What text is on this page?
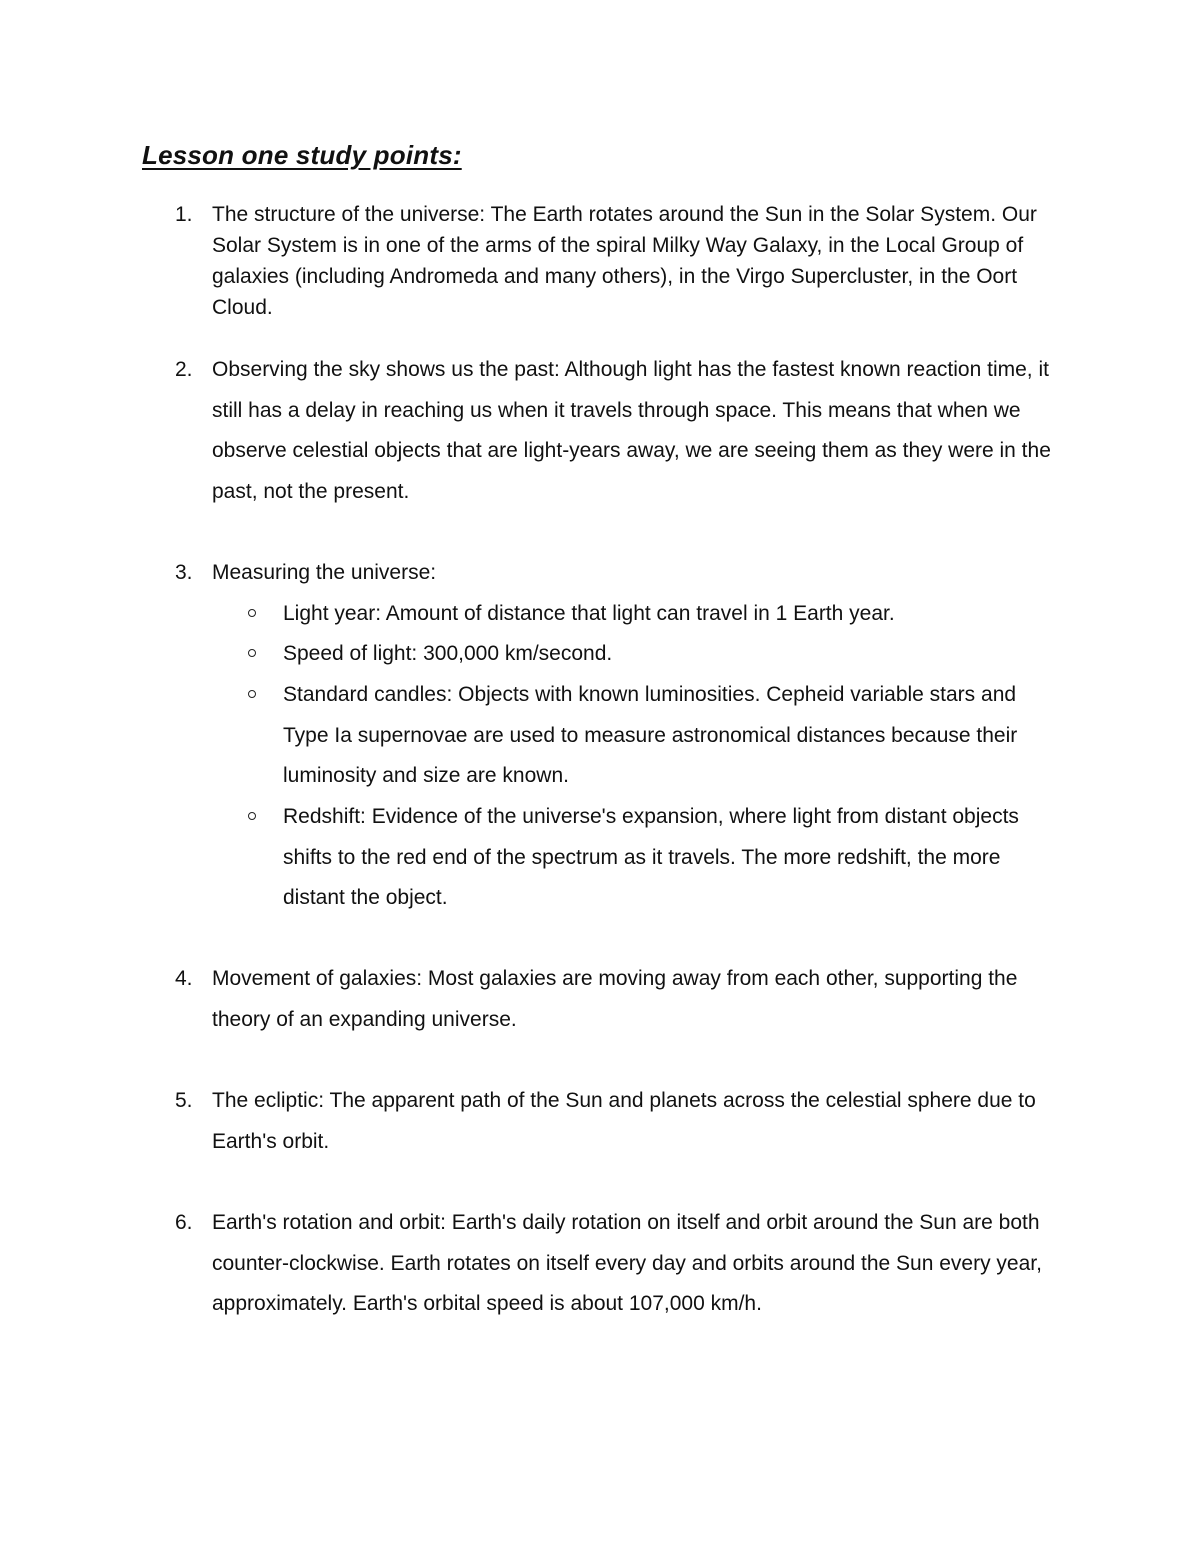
Lesson one study points:
1. The structure of the universe: The Earth rotates around the Sun in the Solar System. Our Solar System is in one of the arms of the spiral Milky Way Galaxy, in the Local Group of galaxies (including Andromeda and many others), in the Virgo Supercluster, in the Oort Cloud.
2. Observing the sky shows us the past: Although light has the fastest known reaction time, it still has a delay in reaching us when it travels through space. This means that when we observe celestial objects that are light-years away, we are seeing them as they were in the past, not the present.
3. Measuring the universe:
Light year: Amount of distance that light can travel in 1 Earth year.
Speed of light: 300,000 km/second.
Standard candles: Objects with known luminosities. Cepheid variable stars and Type Ia supernovae are used to measure astronomical distances because their luminosity and size are known.
Redshift: Evidence of the universe's expansion, where light from distant objects shifts to the red end of the spectrum as it travels. The more redshift, the more distant the object.
4. Movement of galaxies: Most galaxies are moving away from each other, supporting the theory of an expanding universe.
5. The ecliptic: The apparent path of the Sun and planets across the celestial sphere due to Earth's orbit.
6. Earth's rotation and orbit: Earth's daily rotation on itself and orbit around the Sun are both counter-clockwise. Earth rotates on itself every day and orbits around the Sun every year, approximately. Earth's orbital speed is about 107,000 km/h.
